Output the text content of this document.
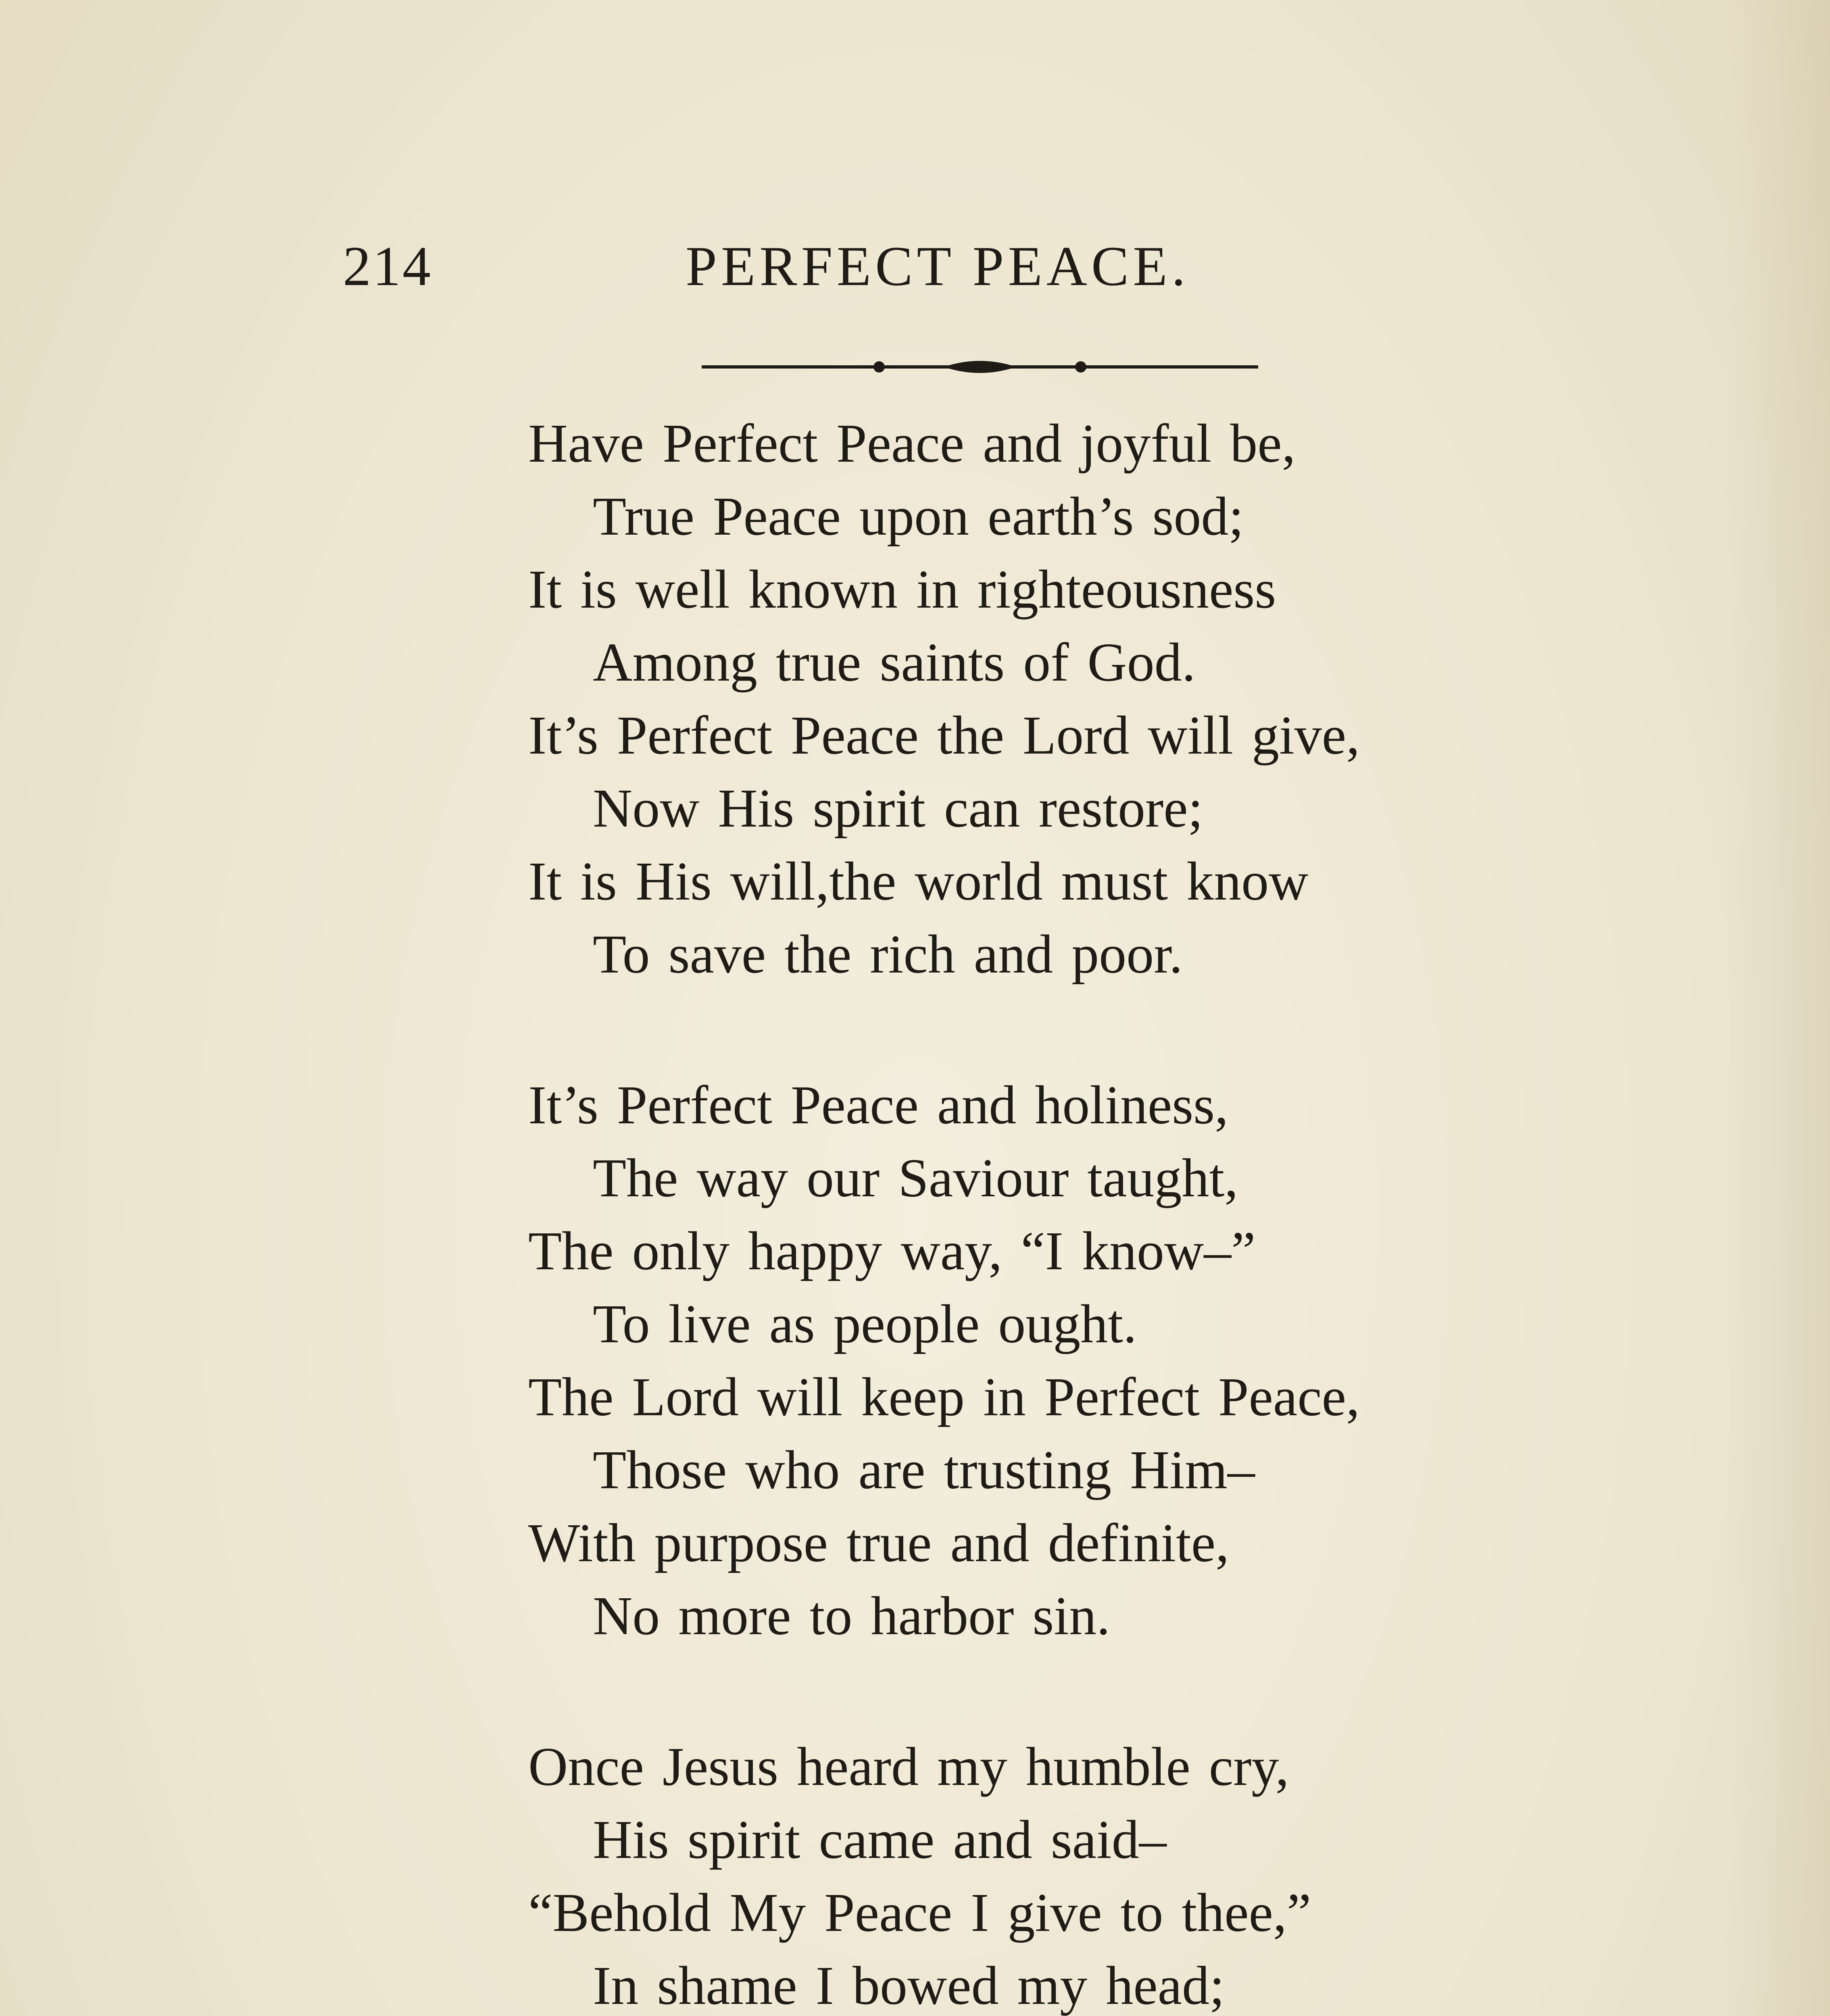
214	PERFECT PEACE.
Have Perfect Peace and joyful be,
True Peace upon earth’s sod;
It is well known in righteousness
Among true saints of God.
It’s Perfect Peace the Lord will give,
Now His spirit can restore;
It is His will,the world must know
To save the rich and poor.
It’s Perfect Peace and holiness,
The way our Saviour taught,
The only happy way, “I know–”
To live as people ought.
The Lord will keep in Perfect Peace,
Those who are trusting Him–
With purpose true and definite,
No more to harbor sin.
Once Jesus heard my humble cry,
His spirit came and said–
“Behold My Peace I give to thee,”
In shame I bowed my head;
